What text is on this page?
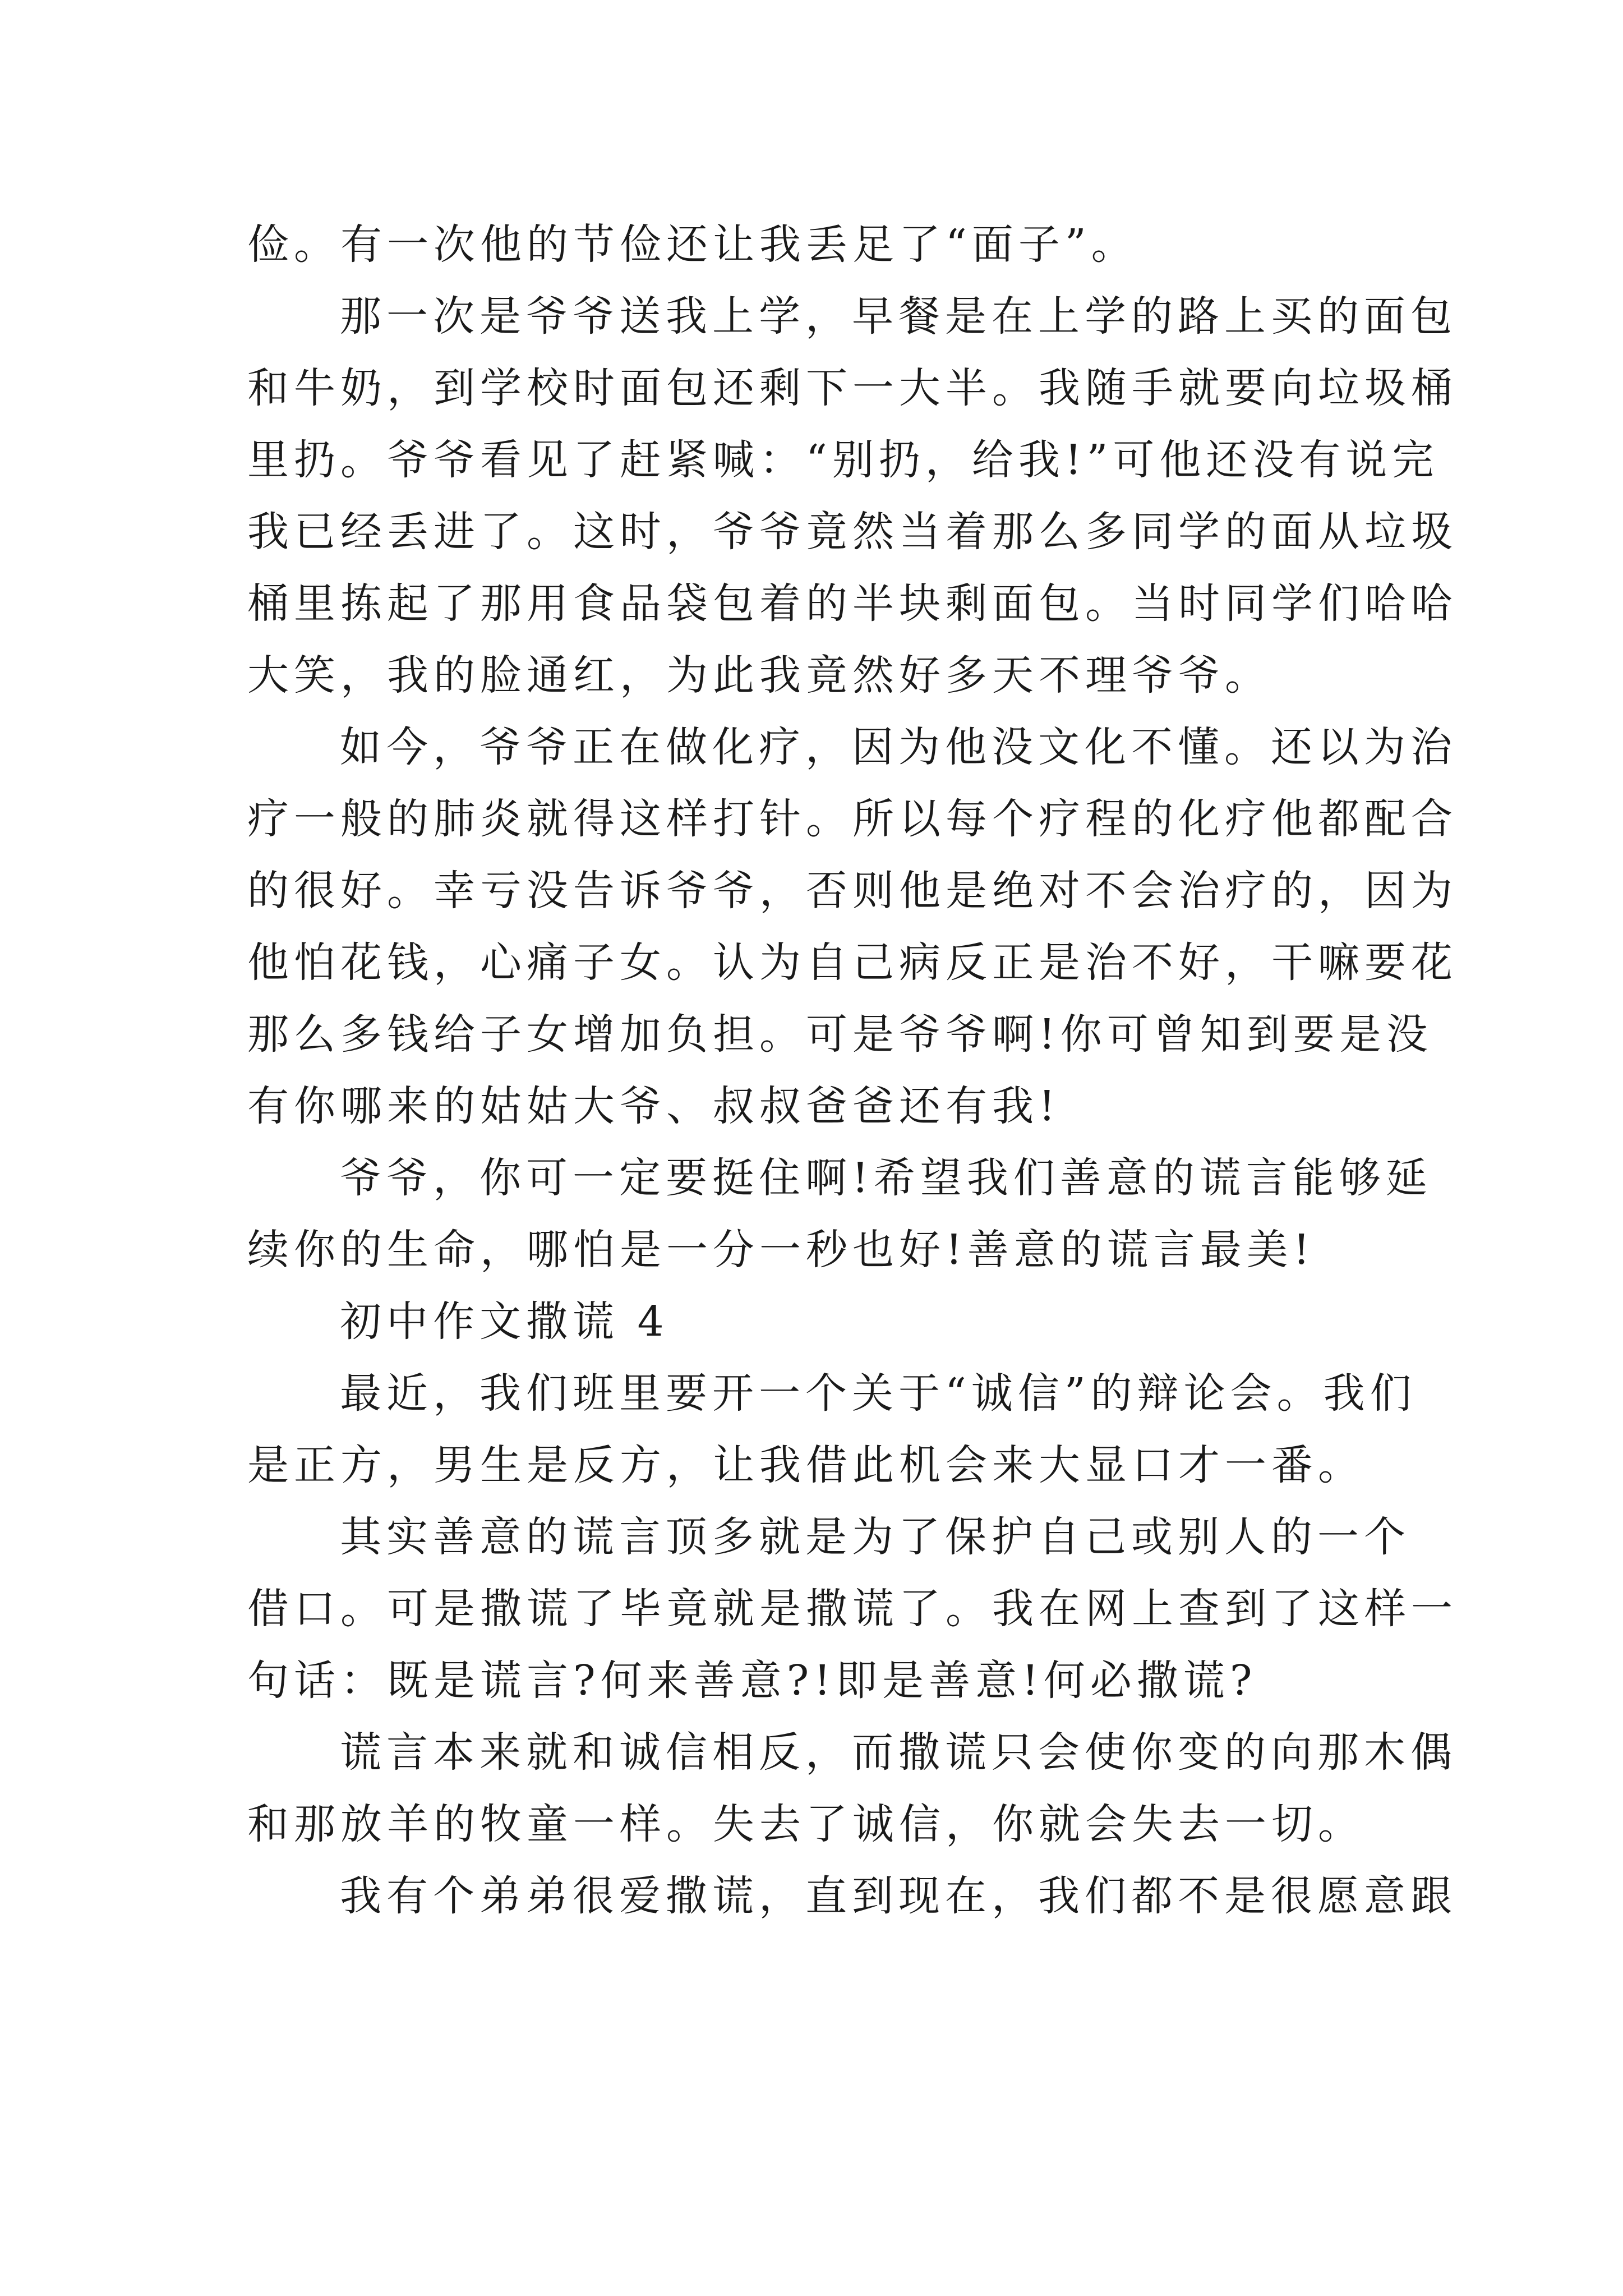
俭。有一次他的节俭还让我丢足了“面子”。
那一次是爷爷送我上学，早餐是在上学的路上买的面包
和牛奶，到学校时面包还剩下一大半。我随手就要向垃圾桶
里扔。爷爷看见了赶紧喊：“别扔，给我!”可他还没有说完
我已经丢进了。这时，爷爷竟然当着那么多同学的面从垃圾
桶里拣起了那用食品袋包着的半块剩面包。当时同学们哈哈
大笑，我的脸通红，为此我竟然好多天不理爷爷。
如今，爷爷正在做化疗，因为他没文化不懂。还以为治
疗一般的肺炎就得这样打针。所以每个疗程的化疗他都配合
的很好。幸亏没告诉爷爷，否则他是绝对不会治疗的，因为
他怕花钱，心痛子女。认为自己病反正是治不好，干嘛要花
那么多钱给子女增加负担。可是爷爷啊!你可曾知到要是没
有你哪来的姑姑大爷、叔叔爸爸还有我!
爷爷，你可一定要挺住啊!希望我们善意的谎言能够延
续你的生命，哪怕是一分一秒也好!善意的谎言最美!
初中作文撒谎 4
最近，我们班里要开一个关于“诚信”的辩论会。我们
是正方，男生是反方，让我借此机会来大显口才一番。
其实善意的谎言顶多就是为了保护自己或别人的一个
借口。可是撒谎了毕竟就是撒谎了。我在网上查到了这样一
句话：既是谎言?何来善意?!即是善意!何必撒谎?
谎言本来就和诚信相反，而撒谎只会使你变的向那木偶
和那放羊的牧童一样。失去了诚信，你就会失去一切。
我有个弟弟很爱撒谎，直到现在，我们都不是很愿意跟
